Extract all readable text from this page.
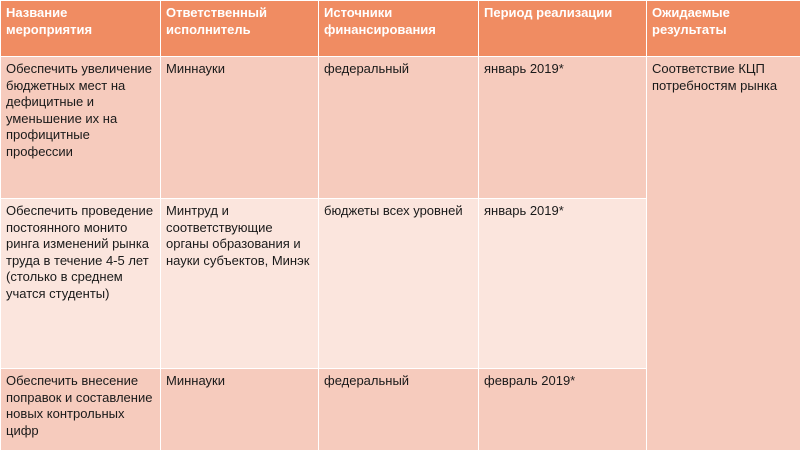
Название мероприятия	Ответственный исполнитель	Источники финансирования	Период реализации	Ожидаемые результаты
Обеспечить увеличение бюджетных мест на дефицитные и уменьшение их на профицитные профессии	Миннауки	федеральный	январь 2019*	Соответствие КЦП потребностям рынка
Обеспечить проведение постоянного монито ринга изменений рынка труда в течение 4-5 лет (столько в среднем учатся студенты)	Минтруд и соответствующие органы образования и науки субъектов, Минэк	бюджеты всех уровней	январь 2019*	
Обеспечить внесение поправок и составление новых контрольных цифр	Миннауки	федеральный	февраль 2019*	
